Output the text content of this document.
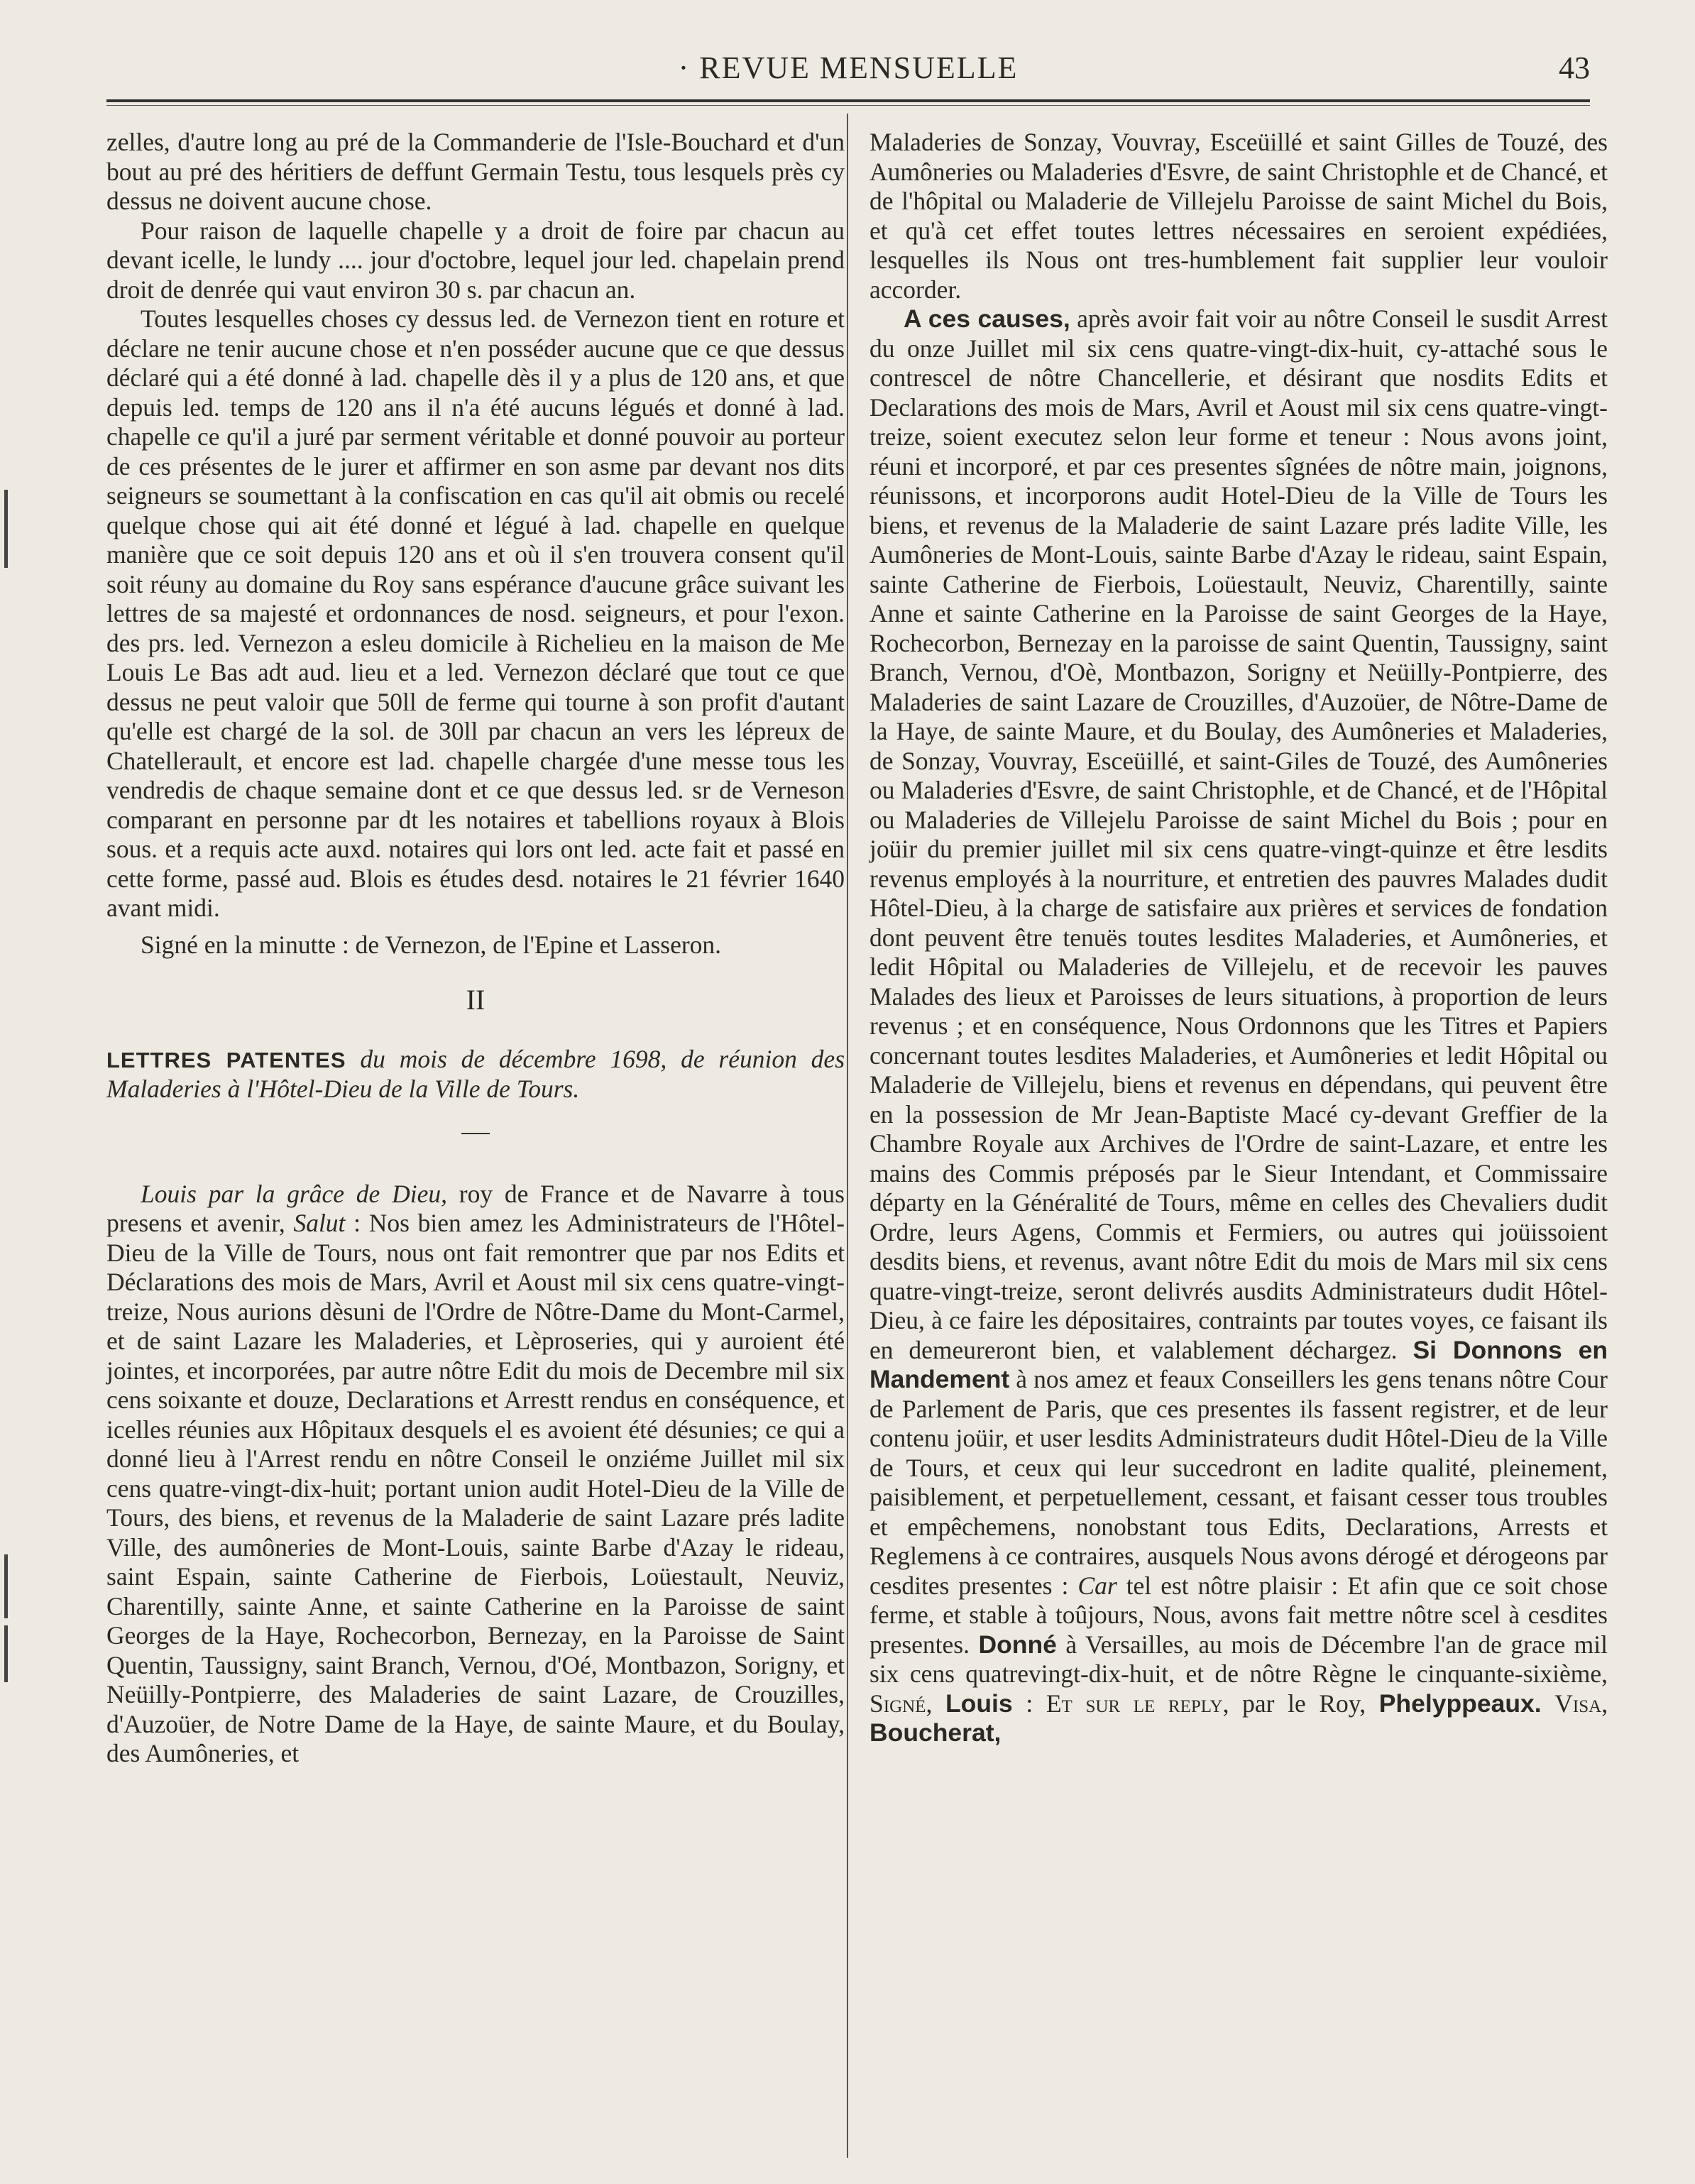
· REVUE MENSUELLE	43

zelles, d'autre long au pré de la Commanderie de l'Isle-Bouchard et d'un bout au pré des héritiers de deffunt Germain Testu, tous lesquels près cy dessus ne doivent aucune chose.

Pour raison de laquelle chapelle y a droit de foire par chacun au devant icelle, le lundy .... jour d'octobre, lequel jour led. chapelain prend droit de denrée qui vaut environ 30 s. par chacun an.

Toutes lesquelles choses cy dessus led. de Vernezon tient en roture et déclare ne tenir aucune chose et n'en posséder aucune que ce que dessus déclaré qui a été donné à lad. chapelle dès il y a plus de 120 ans, et que depuis led. temps de 120 ans il n'a été aucuns légués et donné à lad. chapelle ce qu'il a juré par serment véritable et donné pouvoir au porteur de ces présentes de le jurer et affirmer en son asme par devant nos dits seigneurs se soumettant à la confiscation en cas qu'il ait obmis ou recelé quelque chose qui ait été donné et légué à lad. chapelle en quelque manière que ce soit depuis 120 ans et où il s'en trouvera consent qu'il soit réuny au domaine du Roy sans espérance d'aucune grâce suivant les lettres de sa majesté et ordonnances de nosd. seigneurs, et pour l'exon. des prs. led. Vernezon a esleu domicile à Richelieu en la maison de Me Louis Le Bas adt aud. lieu et a led. Vernezon déclaré que tout ce que dessus ne peut valoir que 50ll de ferme qui tourne à son profit d'autant qu'elle est chargé de la sol. de 30ll par chacun an vers les lépreux de Chatellerault, et encore est lad. chapelle chargée d'une messe tous les vendredis de chaque semaine dont et ce que dessus led. sr de Verneson comparant en personne par dt les notaires et tabellions royaux à Blois sous. et a requis acte auxd. notaires qui lors ont led. acte fait et passé en cette forme, passé aud. Blois es études desd. notaires le 21 février 1640 avant midi.

Signé en la minutte : de Vernezon, de l'Epine et Lasseron.

II

LETTRES PATENTES du mois de décembre 1698, de réunion des Maladeries à l'Hôtel-Dieu de la Ville de Tours.

Louis par la grâce de Dieu, roy de France et de Navarre à tous presens et avenir, Salut : Nos bien amez les Administrateurs de l'Hôtel-Dieu de la Ville de Tours, nous ont fait remontrer que par nos Edits et Déclarations des mois de Mars, Avril et Aoust mil six cens quatre-vingt-treize, Nous aurions dèsuni de l'Ordre de Nôtre-Dame du Mont-Carmel, et de saint Lazare les Maladeries, et Lèproseries, qui y auroient été jointes, et incorporées, par autre nôtre Edit du mois de Decembre mil six cens soixante et douze, Declarations et Arrestt rendus en conséquence, et icelles réunies aux Hôpitaux desquels el es avoient été désunies; ce qui a donné lieu à l'Arrest rendu en nôtre Conseil le onziéme Juillet mil six cens quatre-vingt-dix-huit; portant union audit Hotel-Dieu de la Ville de Tours, des biens, et revenus de la Maladerie de saint Lazare prés ladite Ville, des aumôneries de Mont-Louis, sainte Barbe d'Azay le rideau, saint Espain, sainte Catherine de Fierbois, Loüestault, Neuviz, Charentilly, sainte Anne, et sainte Catherine en la Paroisse de saint Georges de la Haye, Rochecorbon, Bernezay, en la Paroisse de Saint Quentin, Taussigny, saint Branch, Vernou, d'Oé, Montbazon, Sorigny, et Neüilly-Pontpierre, des Maladeries de saint Lazare, de Crouzilles, d'Auzoüer, de Notre Dame de la Haye, de sainte Maure, et du Boulay, des Aumôneries, et

Maladeries de Sonzay, Vouvray, Esceüillé et saint Gilles de Touzé, des Aumôneries ou Maladeries d'Esvre, de saint Christophle et de Chancé, et de l'hôpital ou Maladerie de Villejelu Paroisse de saint Michel du Bois, et qu'à cet effet toutes lettres nécessaires en seroient expédiées, lesquelles ils Nous ont tres-humblement fait supplier leur vouloir accorder.

A ces causes, après avoir fait voir au nôtre Conseil le susdit Arrest du onze Juillet mil six cens quatre-vingt-dix-huit, cy-attaché sous le contrescel de nôtre Chancellerie, et désirant que nosdits Edits et Declarations des mois de Mars, Avril et Aoust mil six cens quatre-vingt-treize, soient executez selon leur forme et teneur : Nous avons joint, réuni et incorporé, et par ces presentes sîgnées de nôtre main, joignons, réunissons, et incorporons audit Hotel-Dieu de la Ville de Tours les biens, et revenus de la Maladerie de saint Lazare prés ladite Ville, les Aumôneries de Mont-Louis, sainte Barbe d'Azay le rideau, saint Espain, sainte Catherine de Fierbois, Loüestault, Neuviz, Charentilly, sainte Anne et sainte Catherine en la Paroisse de saint Georges de la Haye, Rochecorbon, Bernezay en la paroisse de saint Quentin, Taussigny, saint Branch, Vernou, d'Oè, Montbazon, Sorigny et Neüilly-Pontpierre, des Maladeries de saint Lazare de Crouzilles, d'Auzoüer, de Nôtre-Dame de la Haye, de sainte Maure, et du Boulay, des Aumôneries et Maladeries, de Sonzay, Vouvray, Esceüillé, et saint-Giles de Touzé, des Aumôneries ou Maladeries d'Esvre, de saint Christophle, et de Chancé, et de l'Hôpital ou Maladeries de Villejelu Paroisse de saint Michel du Bois ; pour en joüir du premier juillet mil six cens quatre-vingt-quinze et être lesdits revenus employés à la nourriture, et entretien des pauvres Malades dudit Hôtel-Dieu, à la charge de satisfaire aux prières et services de fondation dont peuvent être tenuës toutes lesdites Maladeries, et Aumôneries, et ledit Hôpital ou Maladeries de Villejelu, et de recevoir les pauves Malades des lieux et Paroisses de leurs situations, à proportion de leurs revenus ; et en conséquence, Nous Ordonnons que les Titres et Papiers concernant toutes lesdites Maladeries, et Aumôneries et ledit Hôpital ou Maladerie de Villejelu, biens et revenus en dépendans, qui peuvent être en la possession de Mr Jean-Baptiste Macé cy-devant Greffier de la Chambre Royale aux Archives de l'Ordre de saint-Lazare, et entre les mains des Commis préposés par le Sieur Intendant, et Commissaire départy en la Généralité de Tours, même en celles des Chevaliers dudit Ordre, leurs Agens, Commis et Fermiers, ou autres qui joüissoient desdits biens, et revenus, avant nôtre Edit du mois de Mars mil six cens quatre-vingt-treize, seront delivrés ausdits Administrateurs dudit Hôtel-Dieu, à ce faire les dépositaires, contraints par toutes voyes, ce faisant ils en demeureront bien, et valablement déchargez. Si Donnons en Mandement à nos amez et feaux Conseillers les gens tenans nôtre Cour de Parlement de Paris, que ces presentes ils fassent registrer, et de leur contenu joüir, et user lesdits Administrateurs dudit Hôtel-Dieu de la Ville de Tours, et ceux qui leur succedront en ladite qualité, pleinement, paisiblement, et perpetuellement, cessant, et faisant cesser tous troubles et empêchemens, nonobstant tous Edits, Declarations, Arrests et Reglemens à ce contraires, ausquels Nous avons dérogé et dérogeons par cesdites presentes : Car tel est nôtre plaisir : Et afin que ce soit chose ferme, et stable à toûjours, Nous, avons fait mettre nôtre scel à cesdites presentes. Donné à Versailles, au mois de Décembre l'an de grace mil six cens quatrevingt-dix-huit, et de nôtre Règne le cinquante-sixième, Signé, Louis : Et sur le reply, par le Roy, Phelyppeaux. Visa, Boucherat,
